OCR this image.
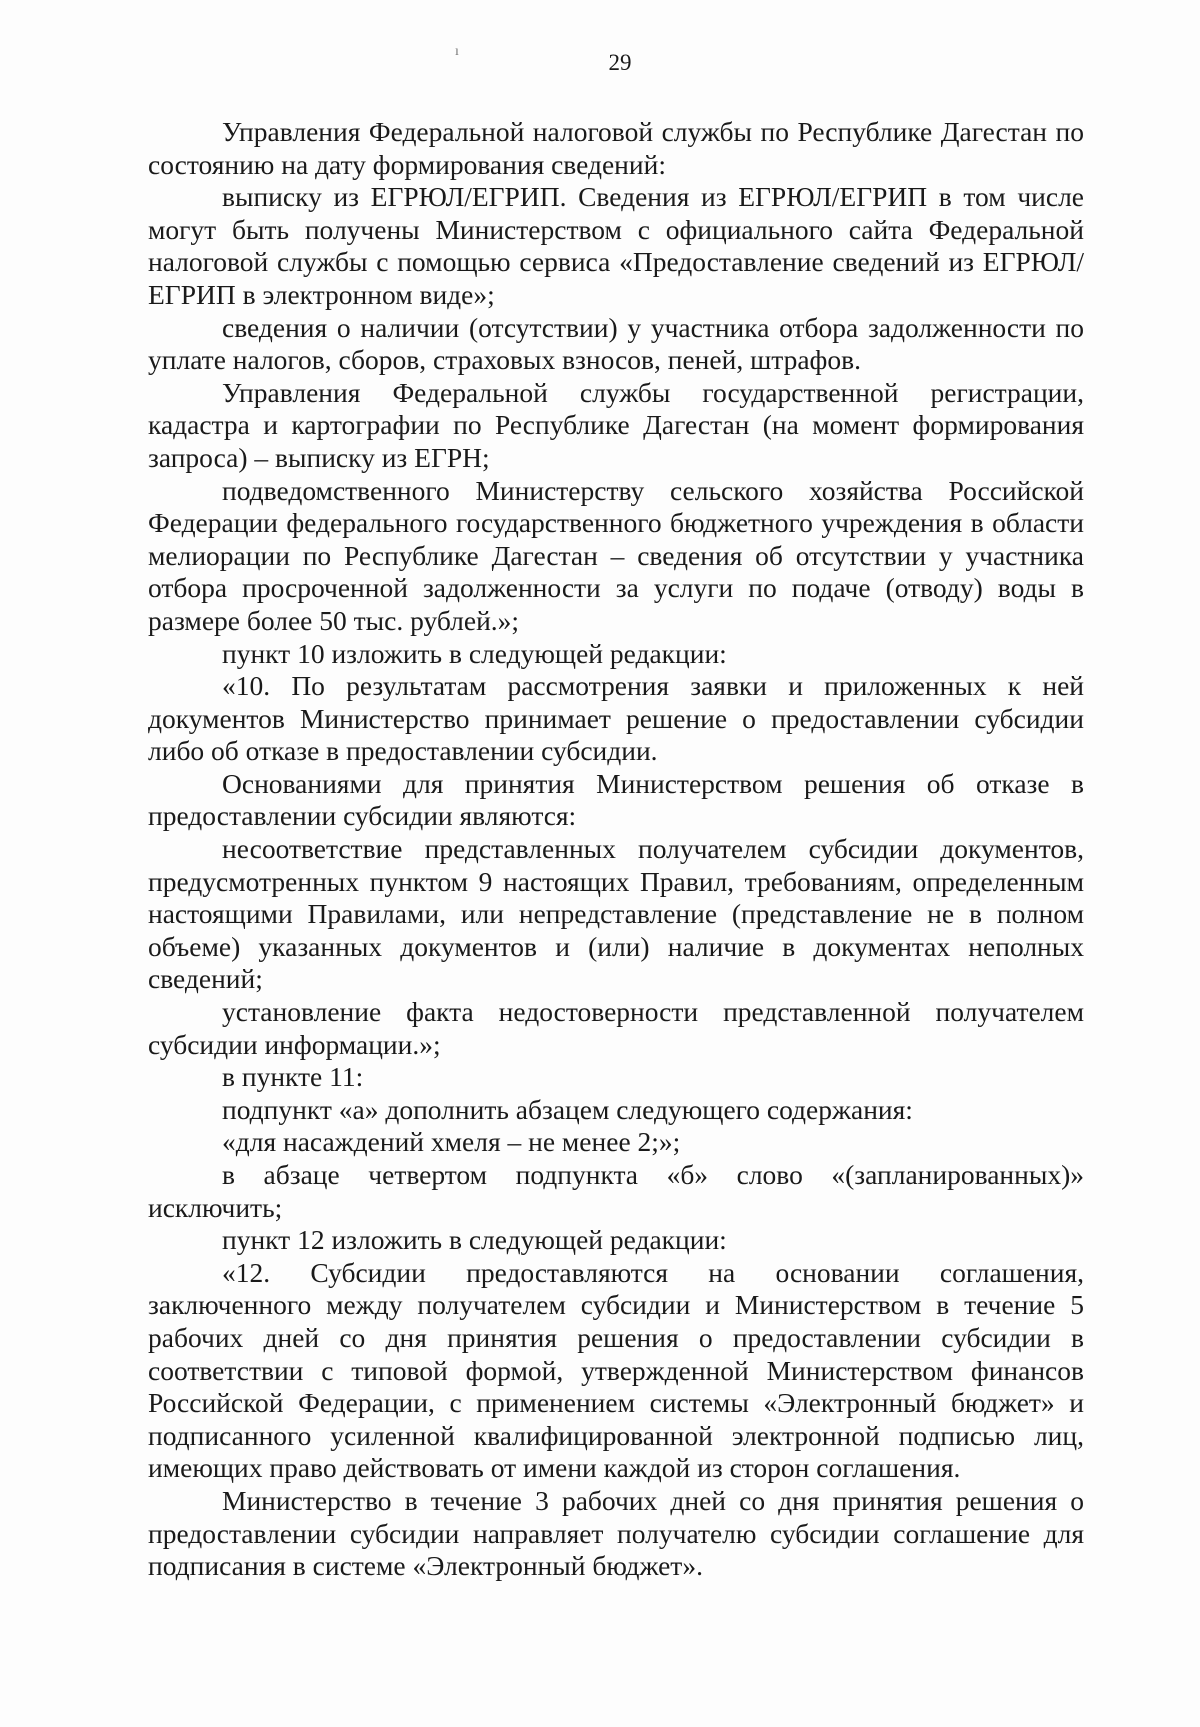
29
ı

Управления Федеральной налоговой службы по Республике Дагестан по состоянию на дату формирования сведений:

выписку из ЕГРЮЛ/ЕГРИП. Сведения из ЕГРЮЛ/ЕГРИП в том числе могут быть получены Министерством с официального сайта Федеральной налоговой службы с помощью сервиса «Предоставление сведений из ЕГРЮЛ/ЕГРИП в электронном виде»;

сведения о наличии (отсутствии) у участника отбора задолженности по уплате налогов, сборов, страховых взносов, пеней, штрафов.

Управления Федеральной службы государственной регистрации, кадастра и картографии по Республике Дагестан (на момент формирования запроса) – выписку из ЕГРН;

подведомственного Министерству сельского хозяйства Российской Федерации федерального государственного бюджетного учреждения в области мелиорации по Республике Дагестан – сведения об отсутствии у участника отбора просроченной задолженности за услуги по подаче (отводу) воды в размере более 50 тыс. рублей.»;

пункт 10 изложить в следующей редакции:

«10. По результатам рассмотрения заявки и приложенных к ней документов Министерство принимает решение о предоставлении субсидии либо об отказе в предоставлении субсидии.

Основаниями для принятия Министерством решения об отказе в предоставлении субсидии являются:

несоответствие представленных получателем субсидии документов, предусмотренных пунктом 9 настоящих Правил, требованиям, определенным настоящими Правилами, или непредставление (представление не в полном объеме) указанных документов и (или) наличие в документах неполных сведений;

установление факта недостоверности представленной получателем субсидии информации.»;

в пункте 11:

подпункт «а» дополнить абзацем следующего содержания:

«для насаждений хмеля – не менее 2;»;

в абзаце четвертом подпункта «б» слово «(запланированных)» исключить;

пункт 12 изложить в следующей редакции:

«12. Субсидии предоставляются на основании соглашения, заключенного между получателем субсидии и Министерством в течение 5 рабочих дней со дня принятия решения о предоставлении субсидии в соответствии с типовой формой, утвержденной Министерством финансов Российской Федерации, с применением системы «Электронный бюджет» и подписанного усиленной квалифицированной электронной подписью лиц, имеющих право действовать от имени каждой из сторон соглашения.

Министерство в течение 3 рабочих дней со дня принятия решения о предоставлении субсидии направляет получателю субсидии соглашение для подписания в системе «Электронный бюджет».
